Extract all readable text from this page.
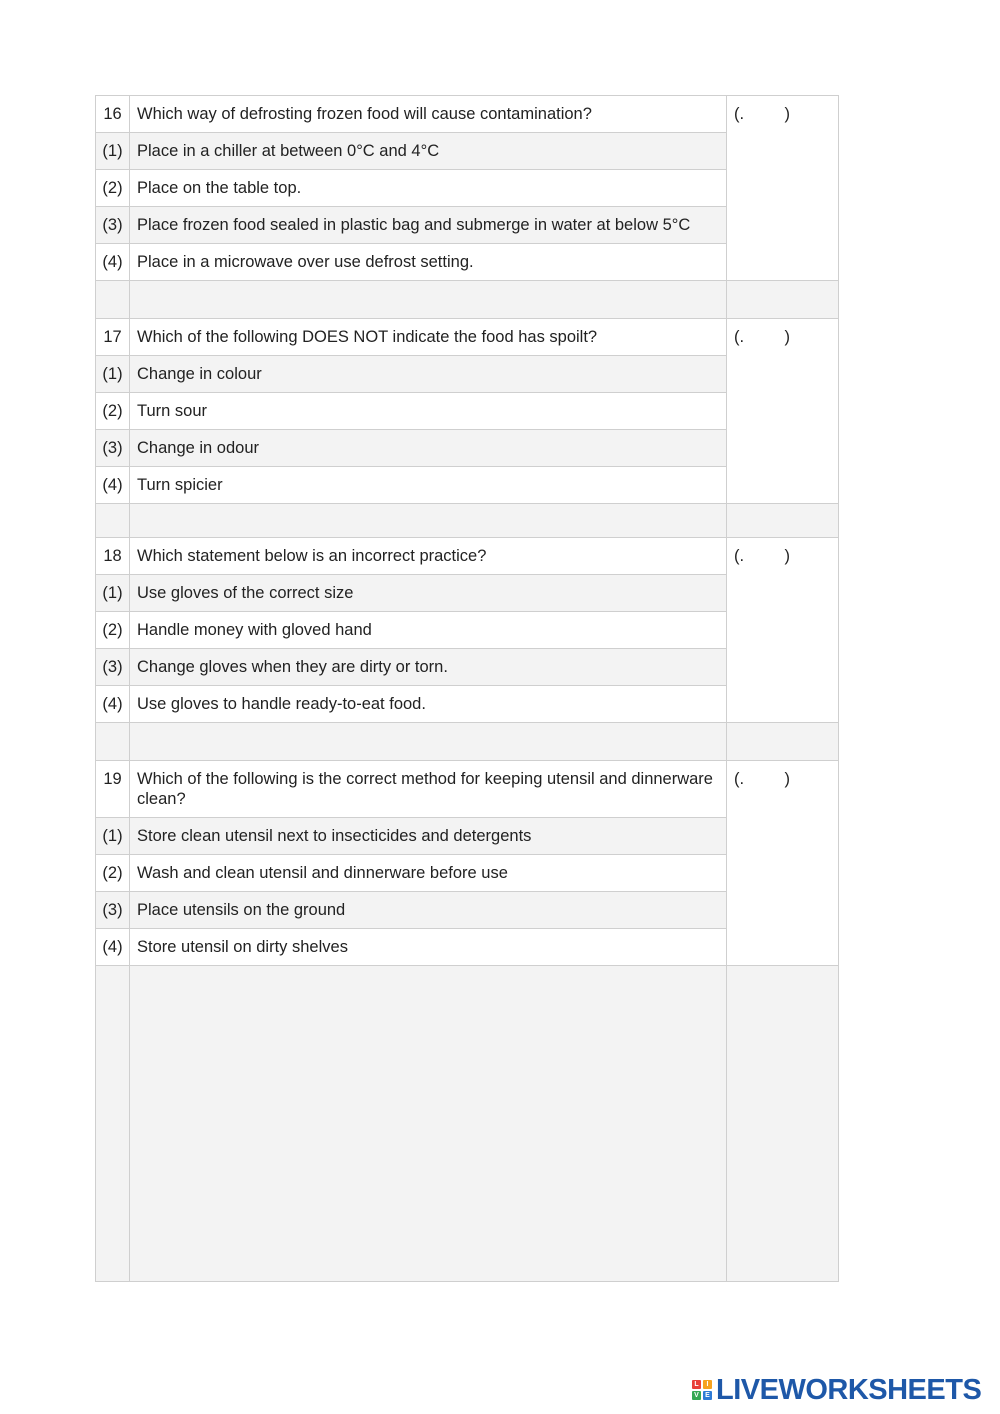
16	Which way of defrosting frozen food will cause contamination?	(. )

(1)	Place in a chiller at between 0°C and 4°C	
(2)	Place on the table top.	
(3)	Place frozen food sealed in plastic bag and submerge in water at below 5°C	
(4)	Place in a microwave over use defrost setting.	

17	Which of the following DOES NOT indicate the food has spoilt?	(. )

(1)	Change in colour	
(2)	Turn sour	
(3)	Change in odour	
(4)	Turn spicier	

18	Which statement below is an incorrect practice?	(. )

(1)	Use gloves of the correct size	
(2)	Handle money with gloved hand	
(3)	Change gloves when they are dirty or torn.	
(4)	Use gloves to handle ready-to-eat food.	

19	Which of the following is the correct method for keeping utensil and dinnerware clean?	(. )

(1)	Store clean utensil next to insecticides and detergents	
(2)	Wash and clean utensil and dinnerware before use	
(3)	Place utensils on the ground	
(4)	Store utensil on dirty shelves	

L	I
V E LIVEWORKSHEETS
